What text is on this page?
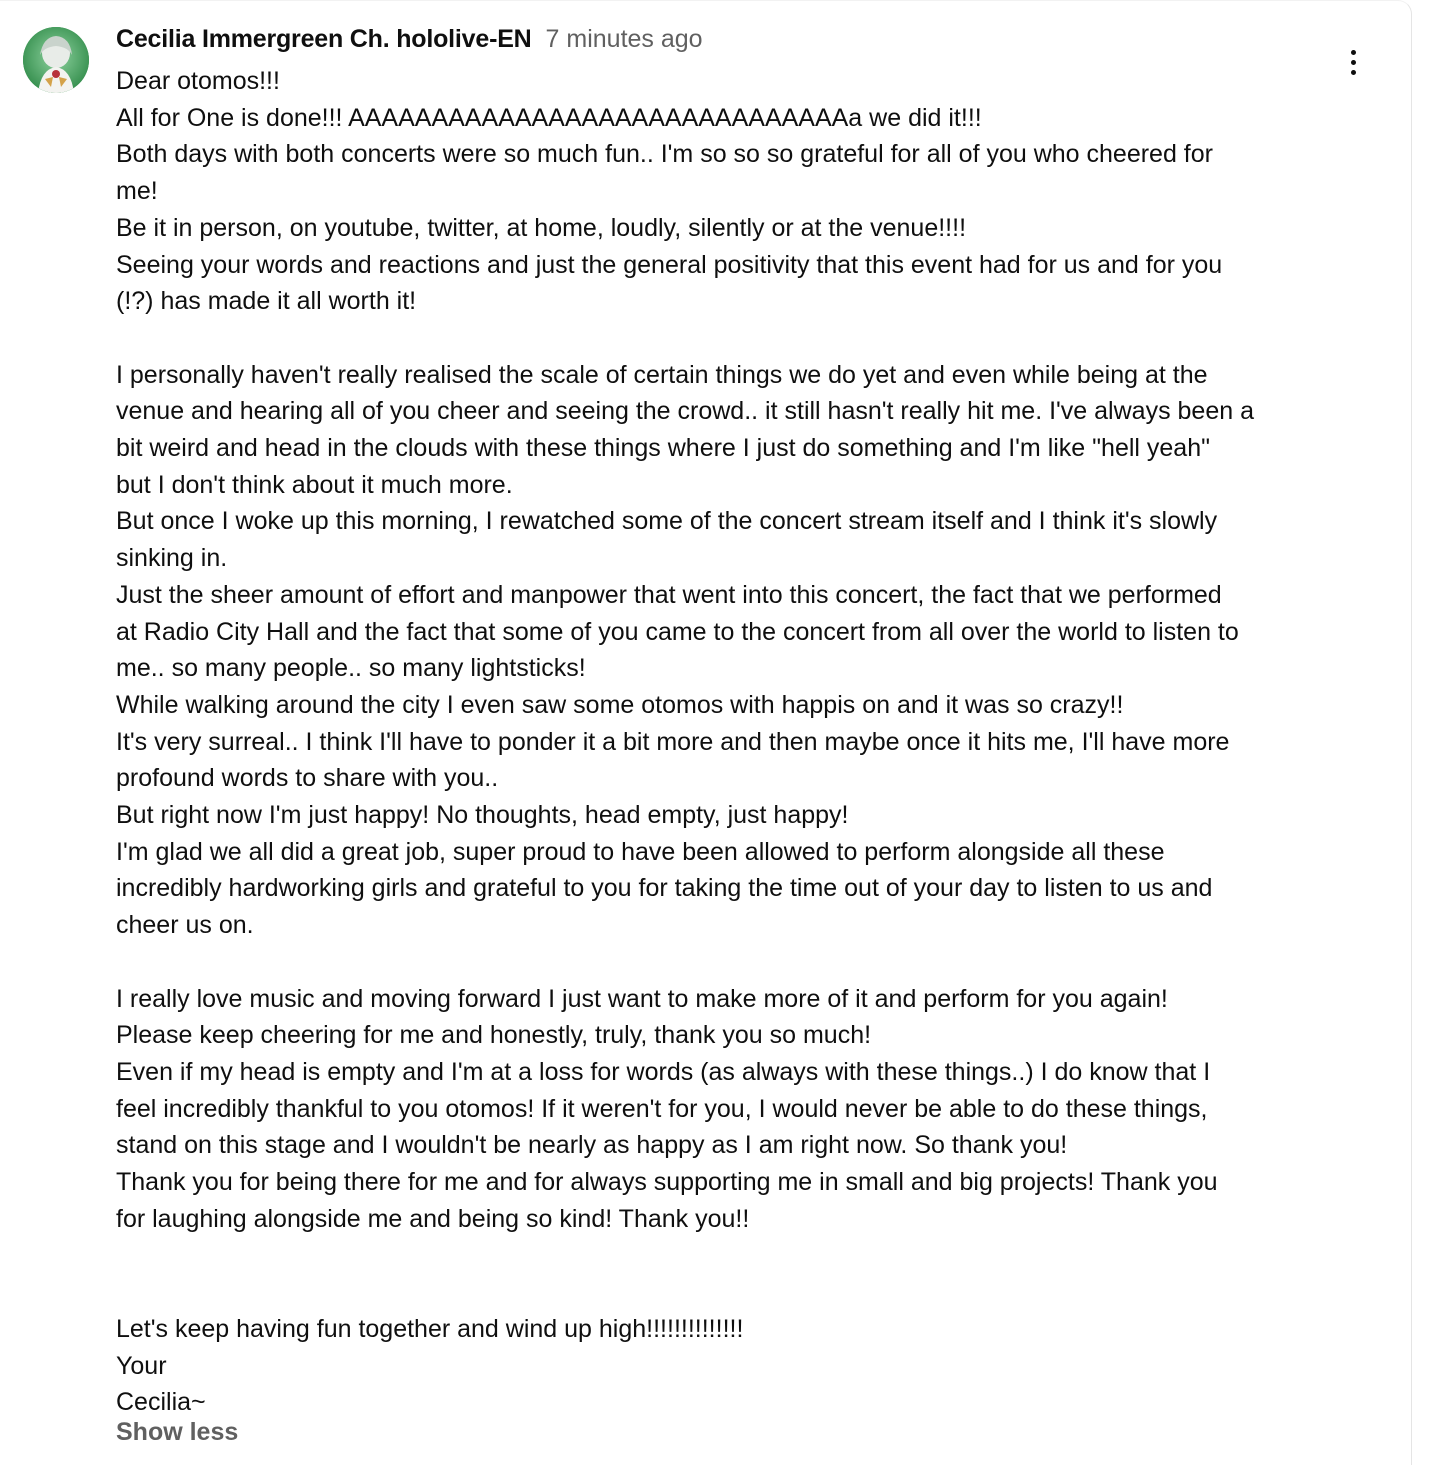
Cecilia Immergreen Ch. hololive-EN 7 minutes ago

Dear otomos!!!

All for One is done!!! AAAAAAAAAAAAAAAAAAAAAAAAAAAAAAa we did it!!!

Both days with both concerts were so much fun.. I'm so so so grateful for all of you who cheered for

me!

Be it in person, on youtube, twitter, at home, loudly, silently or at the venue!!!!

Seeing your words and reactions and just the general positivity that this event had for us and for you

(!?) has made it all worth it!

I personally haven't really realised the scale of certain things we do yet and even while being at the

venue and hearing all of you cheer and seeing the crowd.. it still hasn't really hit me. I've always been a

bit weird and head in the clouds with these things where I just do something and I'm like "hell yeah"

but I don't think about it much more.

But once I woke up this morning, I rewatched some of the concert stream itself and I think it's slowly

sinking in.

Just the sheer amount of effort and manpower that went into this concert, the fact that we performed

at Radio City Hall and the fact that some of you came to the concert from all over the world to listen to

me.. so many people.. so many lightsticks!

While walking around the city I even saw some otomos with happis on and it was so crazy!!

It's very surreal.. I think I'll have to ponder it a bit more and then maybe once it hits me, I'll have more

profound words to share with you..

But right now I'm just happy! No thoughts, head empty, just happy!

I'm glad we all did a great job, super proud to have been allowed to perform alongside all these

incredibly hardworking girls and grateful to you for taking the time out of your day to listen to us and

cheer us on.

I really love music and moving forward I just want to make more of it and perform for you again!

Please keep cheering for me and honestly, truly, thank you so much!

Even if my head is empty and I'm at a loss for words (as always with these things..) I do know that I

feel incredibly thankful to you otomos! If it weren't for you, I would never be able to do these things,

stand on this stage and I wouldn't be nearly as happy as I am right now. So thank you!

Thank you for being there for me and for always supporting me in small and big projects! Thank you

for laughing alongside me and being so kind! Thank you!!

Let's keep having fun together and wind up high!!!!!!!!!!!!!!

Your

Cecilia~

Show less
